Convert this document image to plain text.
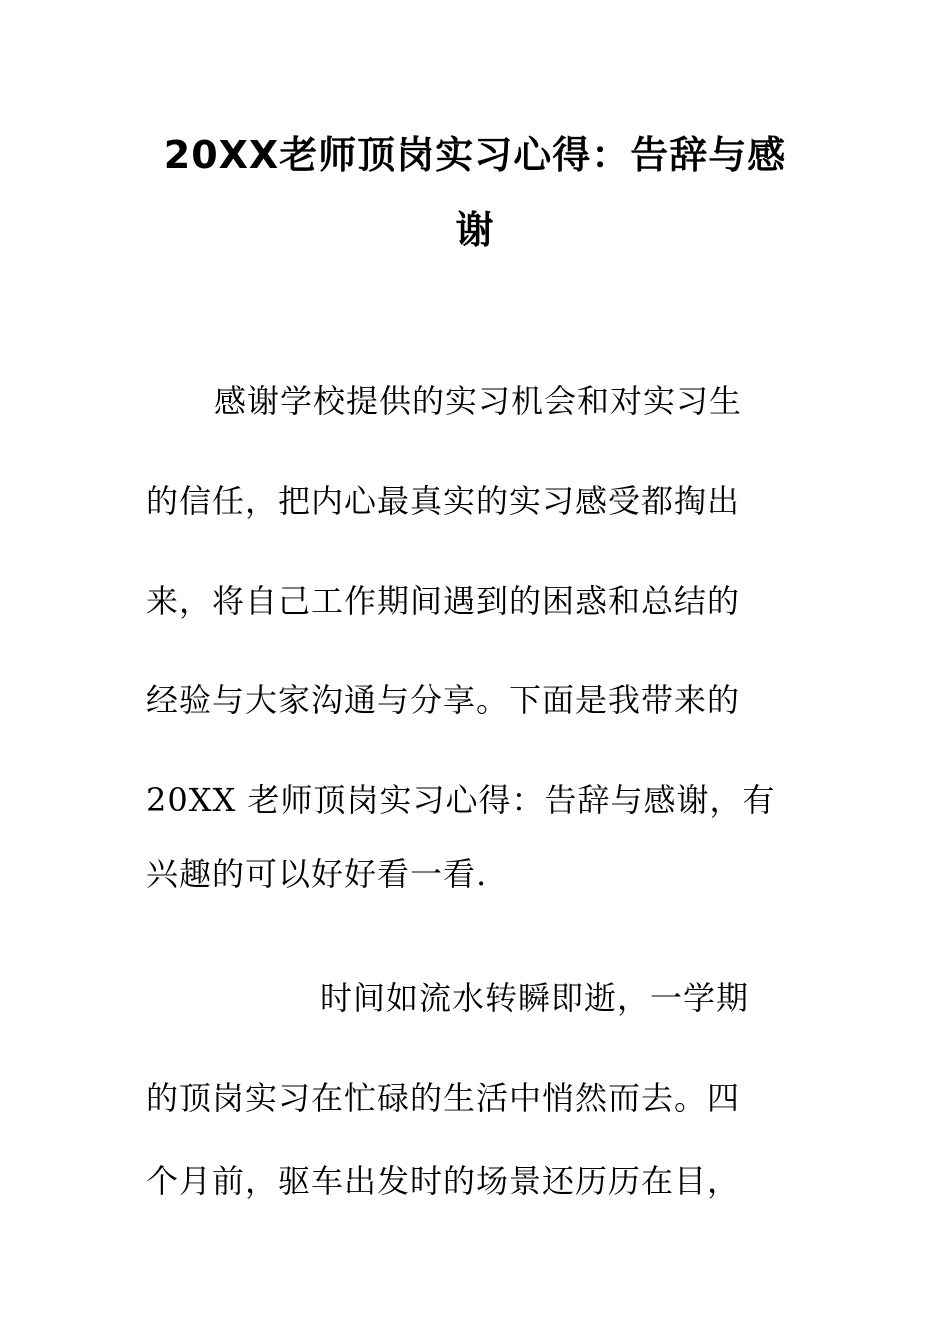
20XX老师顶岗实习心得：告辞与感
谢
感谢学校提供的实习机会和对实习生
的信任，把内心最真实的实习感受都掏出
来，将自己工作期间遇到的困惑和总结的
经验与大家沟通与分享。下面是我带来的
20XX 老师顶岗实习心得：告辞与感谢，有
兴趣的可以好好看一看.
时间如流水转瞬即逝，一学期
的顶岗实习在忙碌的生活中悄然而去。四
个月前，驱车出发时的场景还历历在目，
